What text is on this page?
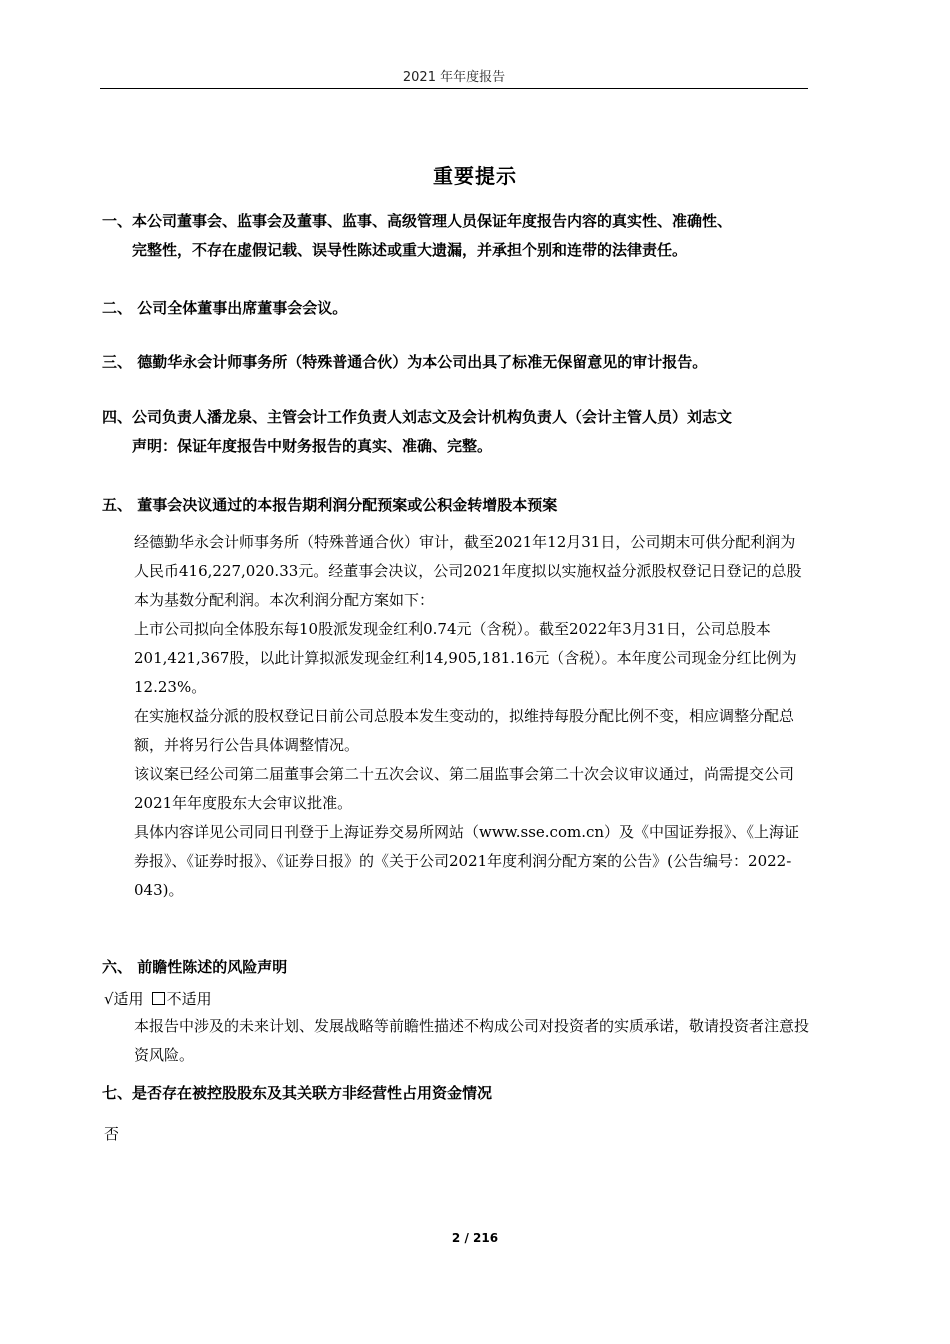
2021 年年度报告
重要提示
一、本公司董事会、监事会及董事、监事、高级管理人员保证年度报告内容的真实性、准确性、
完整性，不存在虚假记载、误导性陈述或重大遗漏，并承担个别和连带的法律责任。
二、 公司全体董事出席董事会会议。
三、 德勤华永会计师事务所（特殊普通合伙）为本公司出具了标准无保留意见的审计报告。
四、公司负责人潘龙泉、主管会计工作负责人刘志文及会计机构负责人（会计主管人员）刘志文
声明：保证年度报告中财务报告的真实、准确、完整。
五、 董事会决议通过的本报告期利润分配预案或公积金转增股本预案
经德勤华永会计师事务所（特殊普通合伙）审计，截至2021年12月31日，公司期末可供分配利润为人民币416,227,020.33元。经董事会决议，公司2021年度拟以实施权益分派股权登记日登记的总股本为基数分配利润。本次利润分配方案如下：
上市公司拟向全体股东每10股派发现金红利0.74元（含税）。截至2022年3月31日，公司总股本201,421,367股，以此计算拟派发现金红利14,905,181.16元（含税）。本年度公司现金分红比例为12.23%。
在实施权益分派的股权登记日前公司总股本发生变动的，拟维持每股分配比例不变，相应调整分配总额，并将另行公告具体调整情况。
该议案已经公司第二届董事会第二十五次会议、第二届监事会第二十次会议审议通过，尚需提交公司2021年年度股东大会审议批准。
具体内容详见公司同日刊登于上海证券交易所网站（www.sse.com.cn）及《中国证券报》、《上海证券报》、《证券时报》、《证券日报》的《关于公司2021年度利润分配方案的公告》(公告编号：2022-043)。
六、 前瞻性陈述的风险声明
√适用 不适用
本报告中涉及的未来计划、发展战略等前瞻性描述不构成公司对投资者的实质承诺，敬请投资者注意投资风险。
七、是否存在被控股股东及其关联方非经营性占用资金情况
否
2 / 216
